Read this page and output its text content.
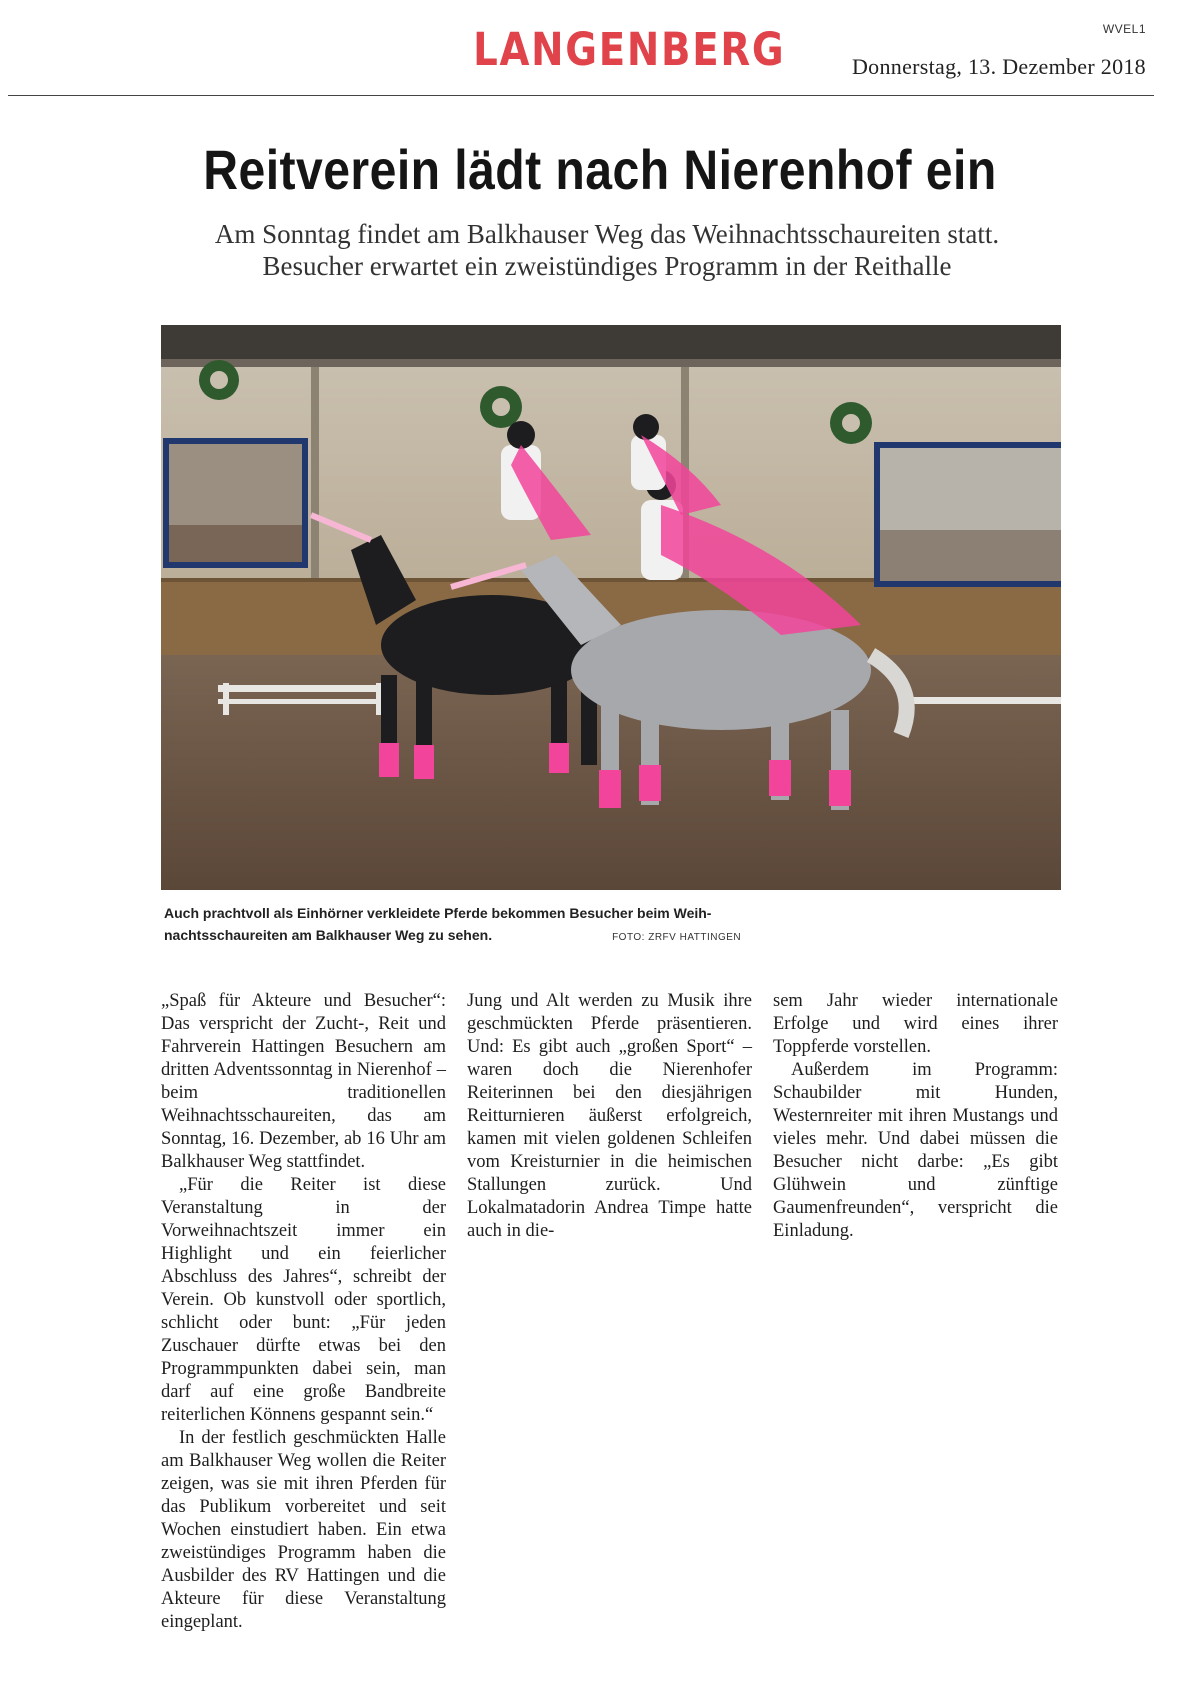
LANGENBERG	WVEL1
Donnerstag, 13. Dezember 2018
Reitverein lädt nach Nierenhof ein
Am Sonntag findet am Balkhauser Weg das Weihnachtsschaureiten statt.
Besucher erwartet ein zweistündiges Programm in der Reithalle
Auch prachtvoll als Einhörner verkleidete Pferde bekommen Besucher beim Weih-
nachtsschaureiten am Balkhauser Weg zu sehen.	FOTO: ZRFV HATTINGEN

„Spaß für Akteure und Besucher“: Das verspricht der Zucht-, Reit und Fahrverein Hattingen Besuchern am dritten Adventssonntag in Nierenhof – beim traditionellen Weihnachtsschaureiten, das am Sonntag, 16. Dezember, ab 16 Uhr am Balkhauser Weg stattfindet.

„Für die Reiter ist diese Veranstaltung in der Vorweihnachtszeit immer ein Highlight und ein feierlicher Abschluss des Jahres“, schreibt der Verein. Ob kunstvoll oder sportlich, schlicht oder bunt: „Für jeden Zuschauer dürfte etwas bei den Programmpunkten dabei sein, man darf auf eine große Bandbreite reiterlichen Könnens gespannt sein.“

In der festlich geschmückten Halle am Balkhauser Weg wollen die Reiter zeigen, was sie mit ihren Pferden für das Publikum vorbereitet und seit Wochen einstudiert haben. Ein etwa zweistündiges Programm haben die Ausbilder des RV Hattingen und die Akteure für diese Veranstaltung eingeplant.

Jung und Alt werden zu Musik ihre geschmückten Pferde präsentieren. Und: Es gibt auch „großen Sport“ – waren doch die Nierenhofer Reiterinnen bei den diesjährigen Reitturnieren äußerst erfolgreich, kamen mit vielen goldenen Schleifen vom Kreisturnier in die heimischen Stallungen zurück. Und Lokalmatadorin Andrea Timpe hatte auch in die-

sem Jahr wieder internationale Erfolge und wird eines ihrer Toppferde vorstellen.

Außerdem im Programm: Schaubilder mit Hunden, Westernreiter mit ihren Mustangs und vieles mehr. Und dabei müssen die Besucher nicht darbe: „Es gibt Glühwein und zünftige Gaumenfreunden“, verspricht die Einladung.
